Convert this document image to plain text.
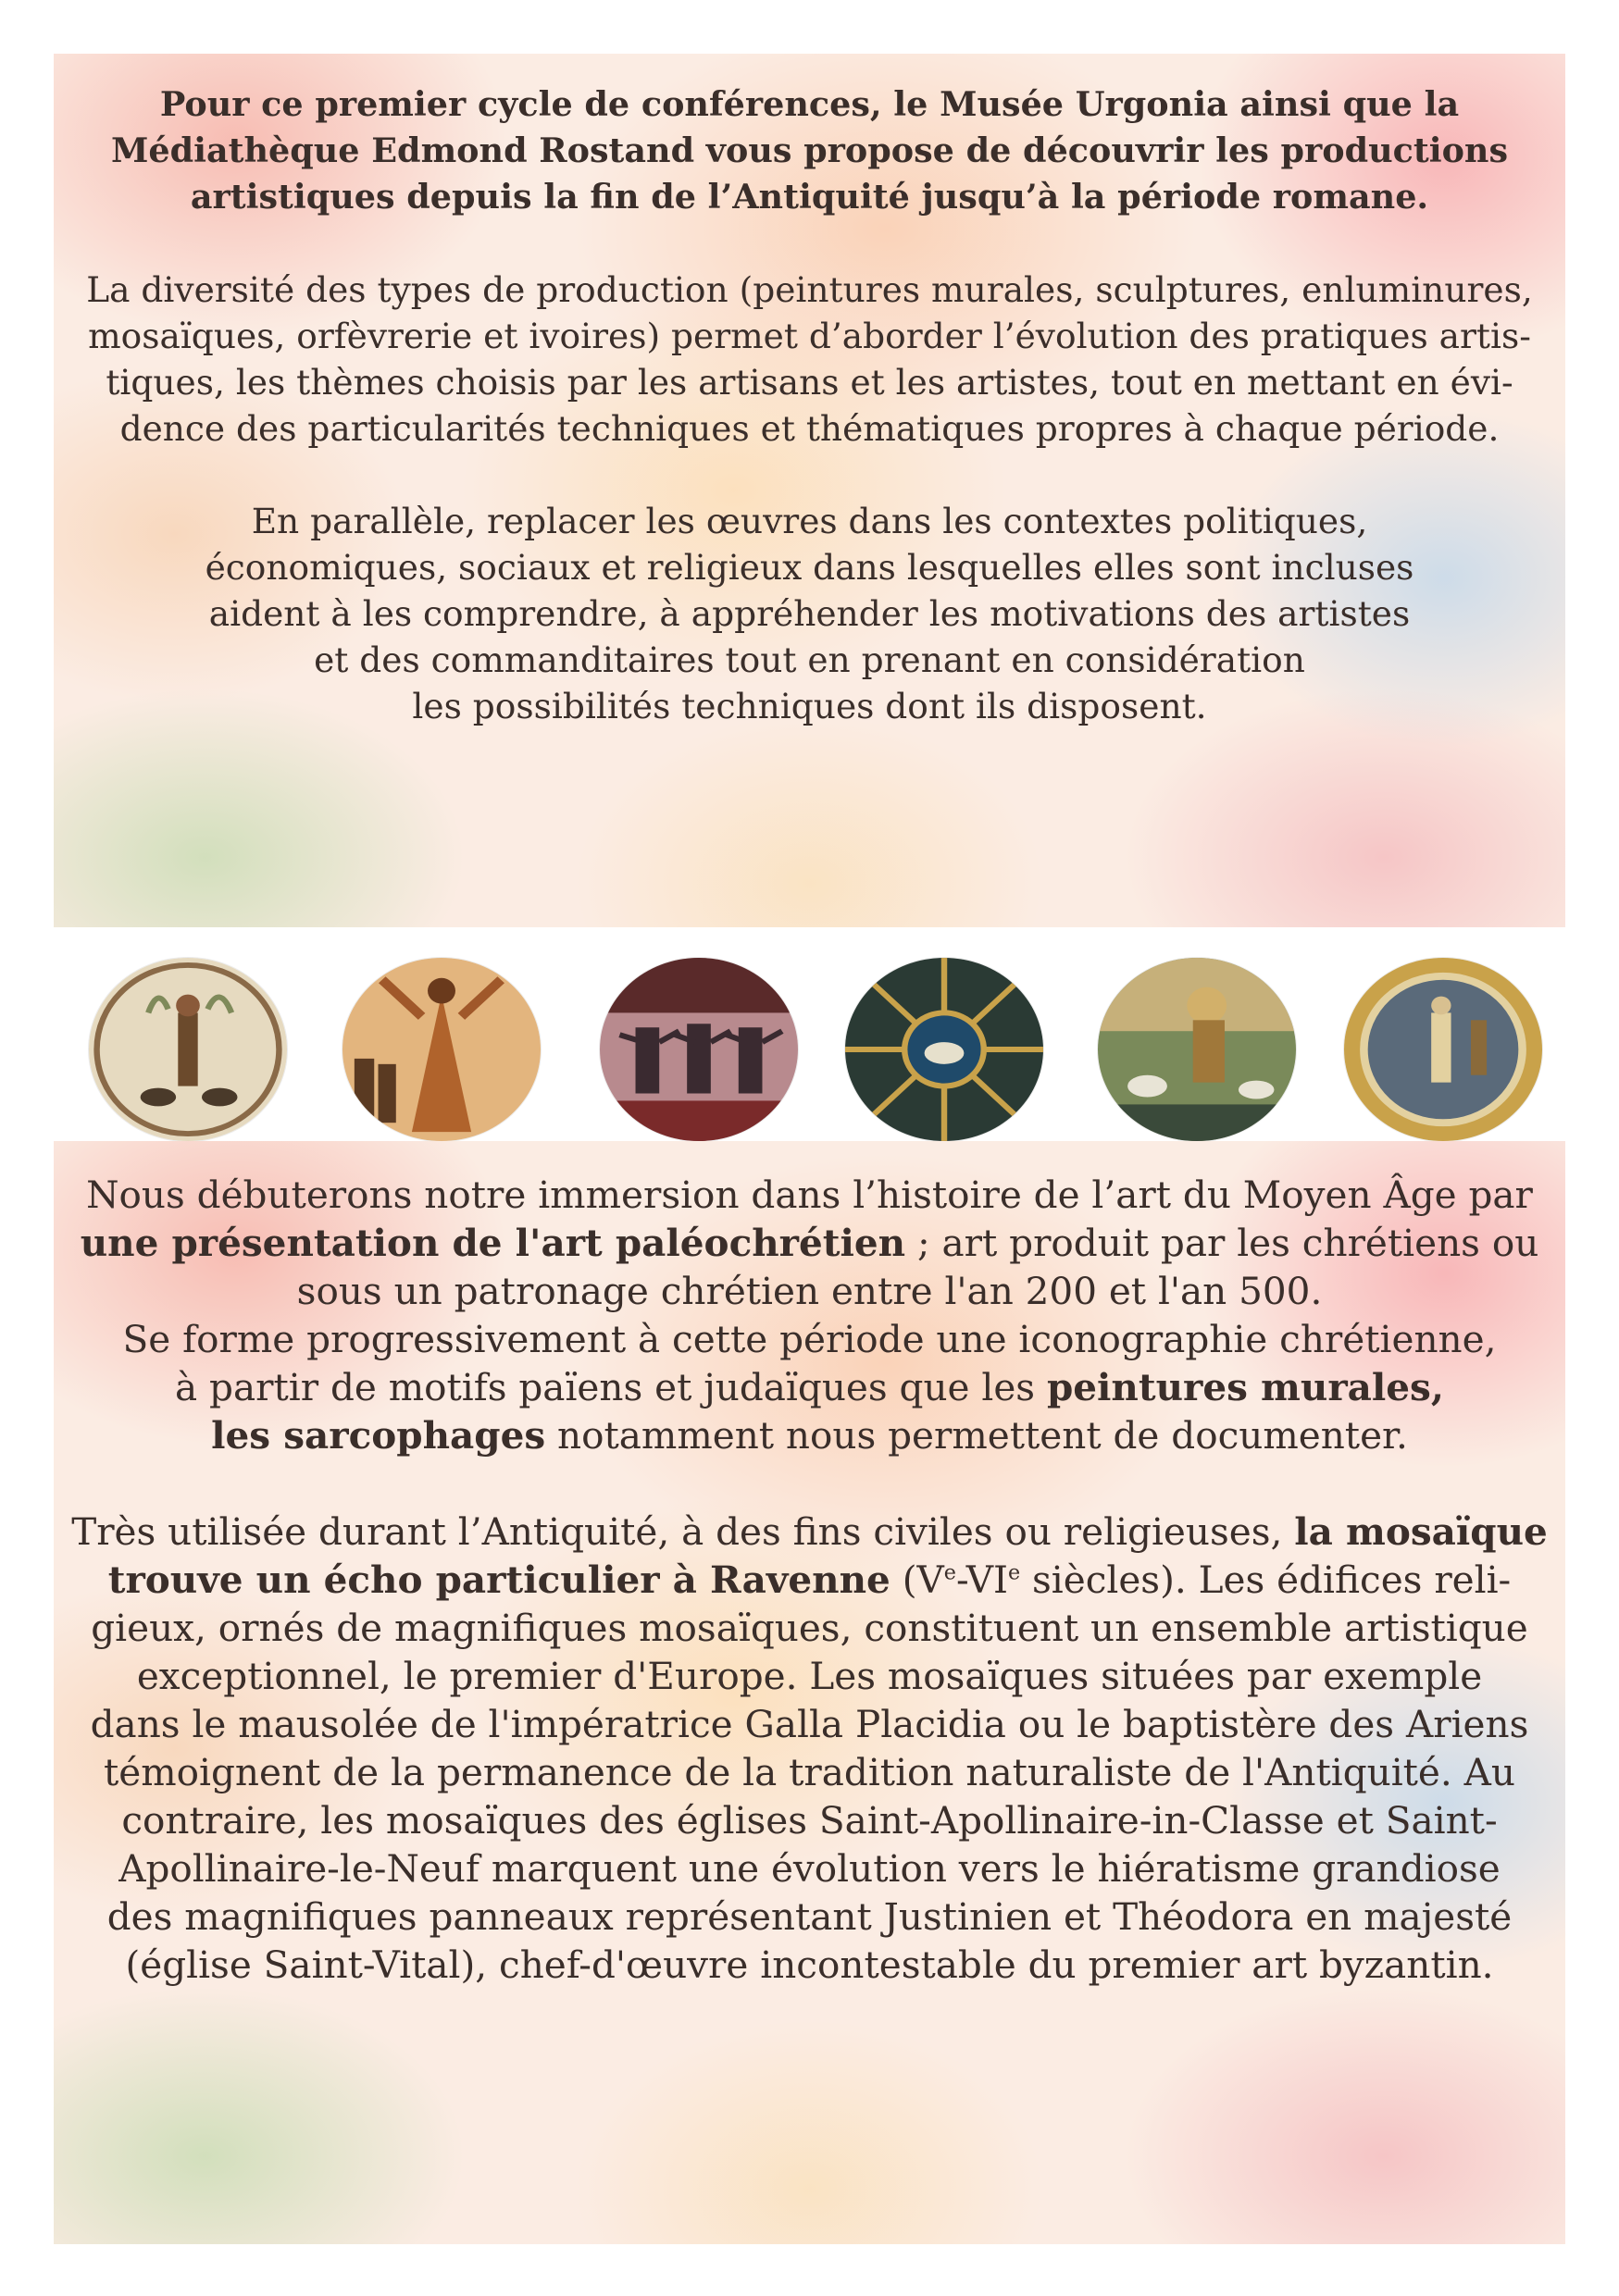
Pour ce premier cycle de conférences, le Musée Urgonia ainsi que la
Médiathèque Edmond Rostand vous propose de découvrir les productions
artistiques depuis la fin de l’Antiquité jusqu’à la période romane.

La diversité des types de production (peintures murales, sculptures, enluminures,
mosaïques, orfèvrerie et ivoires) permet d’aborder l’évolution des pratiques artis-
tiques, les thèmes choisis par les artisans et les artistes, tout en mettant en évi-
dence des particularités techniques et thématiques propres à chaque période.

En parallèle, replacer les œuvres dans les contextes politiques,
économiques, sociaux et religieux dans lesquelles elles sont incluses
aident à les comprendre, à appréhender les motivations des artistes
et des commanditaires tout en prenant en considération
les possibilités techniques dont ils disposent.

Nous débuterons notre immersion dans l’histoire de l’art du Moyen Âge par
une présentation de l'art paléochrétien ; art produit par les chrétiens ou
sous un patronage chrétien entre l'an 200 et l'an 500.
Se forme progressivement à cette période une iconographie chrétienne,
à partir de motifs païens et judaïques que les peintures murales,
les sarcophages notamment nous permettent de documenter.

Très utilisée durant l’Antiquité, à des fins civiles ou religieuses, la mosaïque
trouve un écho particulier à Ravenne (Ve-VIe siècles). Les édifices reli-
gieux, ornés de magnifiques mosaïques, constituent un ensemble artistique
exceptionnel, le premier d'Europe. Les mosaïques situées par exemple
dans le mausolée de l'impératrice Galla Placidia ou le baptistère des Ariens
témoignent de la permanence de la tradition naturaliste de l'Antiquité. Au
contraire, les mosaïques des églises Saint-Apollinaire-in-Classe et Saint-
Apollinaire-le-Neuf marquent une évolution vers le hiératisme grandiose
des magnifiques panneaux représentant Justinien et Théodora en majesté
(église Saint-Vital), chef-d'œuvre incontestable du premier art byzantin.
